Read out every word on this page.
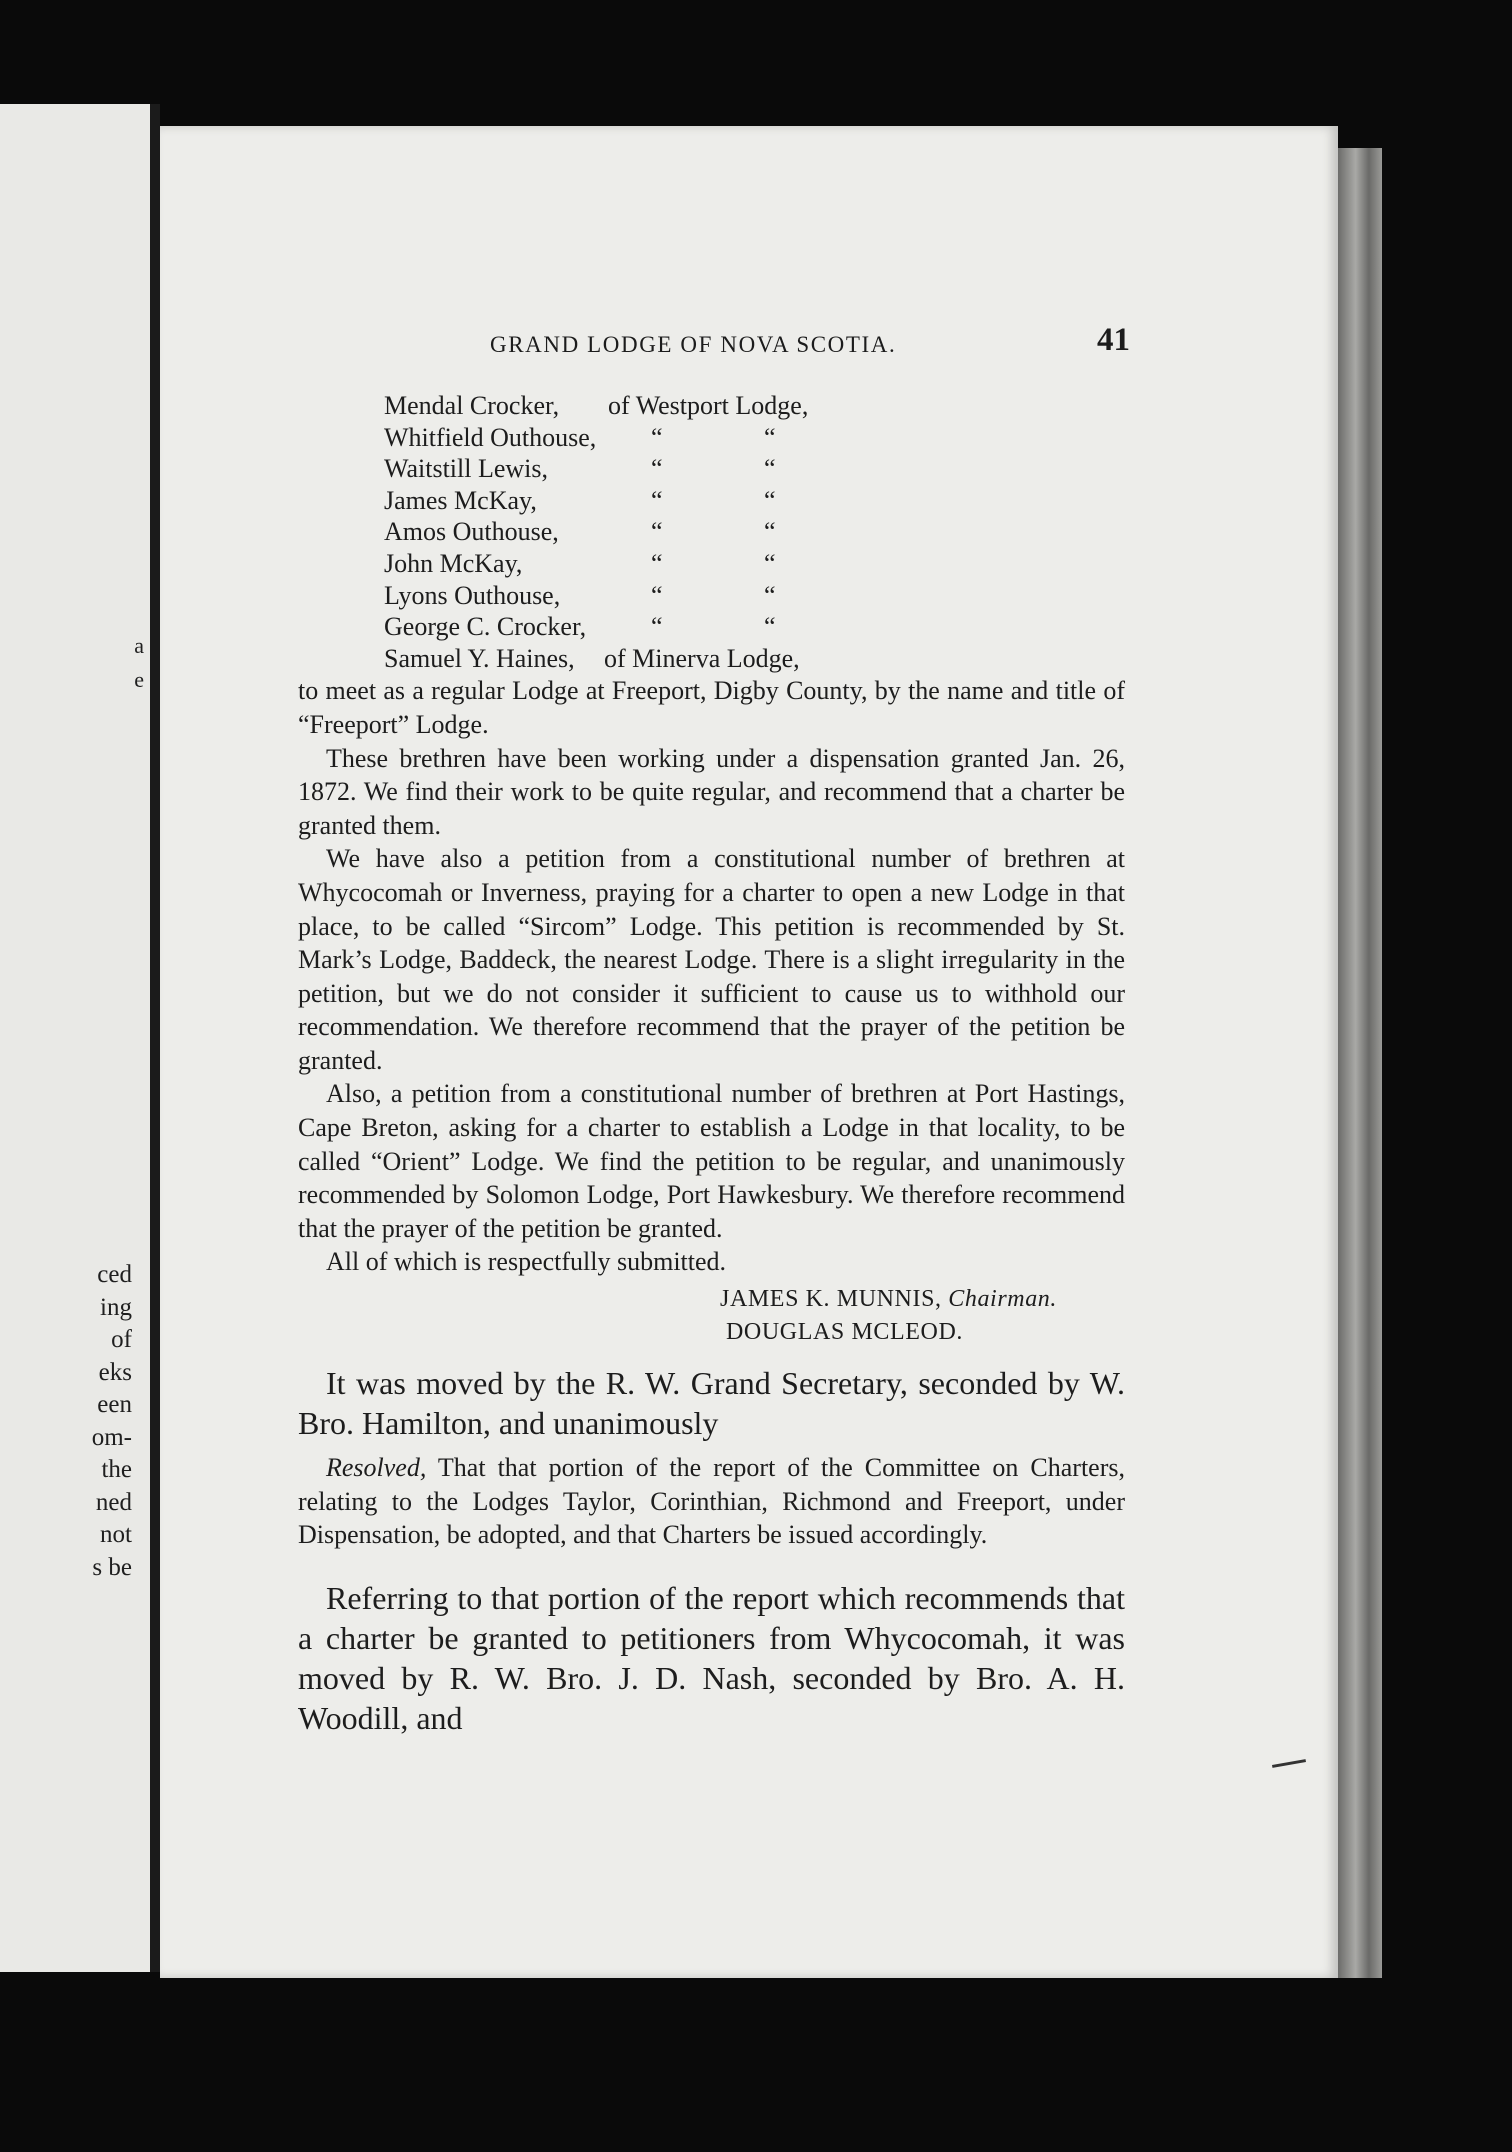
a
e
ced
ing
of
eks
een
om-
the
ned
not
s be
GRAND LODGE OF NOVA SCOTIA.	41
Mendal Crocker, of Westport Lodge,
Whitfield Outhouse, “	“
Waitstill Lewis,	“	“
James McKay,	“	“
Amos Outhouse,	“	“
John McKay,	“	“
Lyons Outhouse,	“	“
George C. Crocker, “	“
Samuel Y. Haines, of Minerva Lodge,

to meet as a regular Lodge at Freeport, Digby County, by the name and title of “Freeport” Lodge.

These brethren have been working under a dispensation granted Jan. 26, 1872. We find their work to be quite regular, and recommend that a charter be granted them.

We have also a petition from a constitutional number of brethren at Whycocomah or Inverness, praying for a charter to open a new Lodge in that place, to be called “Sircom” Lodge. This petition is recommended by St. Mark’s Lodge, Baddeck, the nearest Lodge. There is a slight irregularity in the petition, but we do not consider it sufficient to cause us to withhold our recommendation. We therefore recommend that the prayer of the petition be granted.

Also, a petition from a constitutional number of brethren at Port Hastings, Cape Breton, asking for a charter to establish a Lodge in that locality, to be called “Orient” Lodge. We find the petition to be regular, and unanimously recommended by Solomon Lodge, Port Hawkesbury. We therefore recommend that the prayer of the petition be granted.

All of which is respectfully submitted.

JAMES K. MUNNIS, Chairman.
DOUGLAS MCLEOD.

It was moved by the R. W. Grand Secretary, seconded by W. Bro. Hamilton, and unanimously

Resolved, That that portion of the report of the Committee on Charters, relating to the Lodges Taylor, Corinthian, Richmond and Freeport, under Dispensation, be adopted, and that Charters be issued accordingly.

Referring to that portion of the report which recommends that a charter be granted to petitioners from Whycocomah, it was moved by R. W. Bro. J. D. Nash, seconded by Bro. A. H. Woodill, and
